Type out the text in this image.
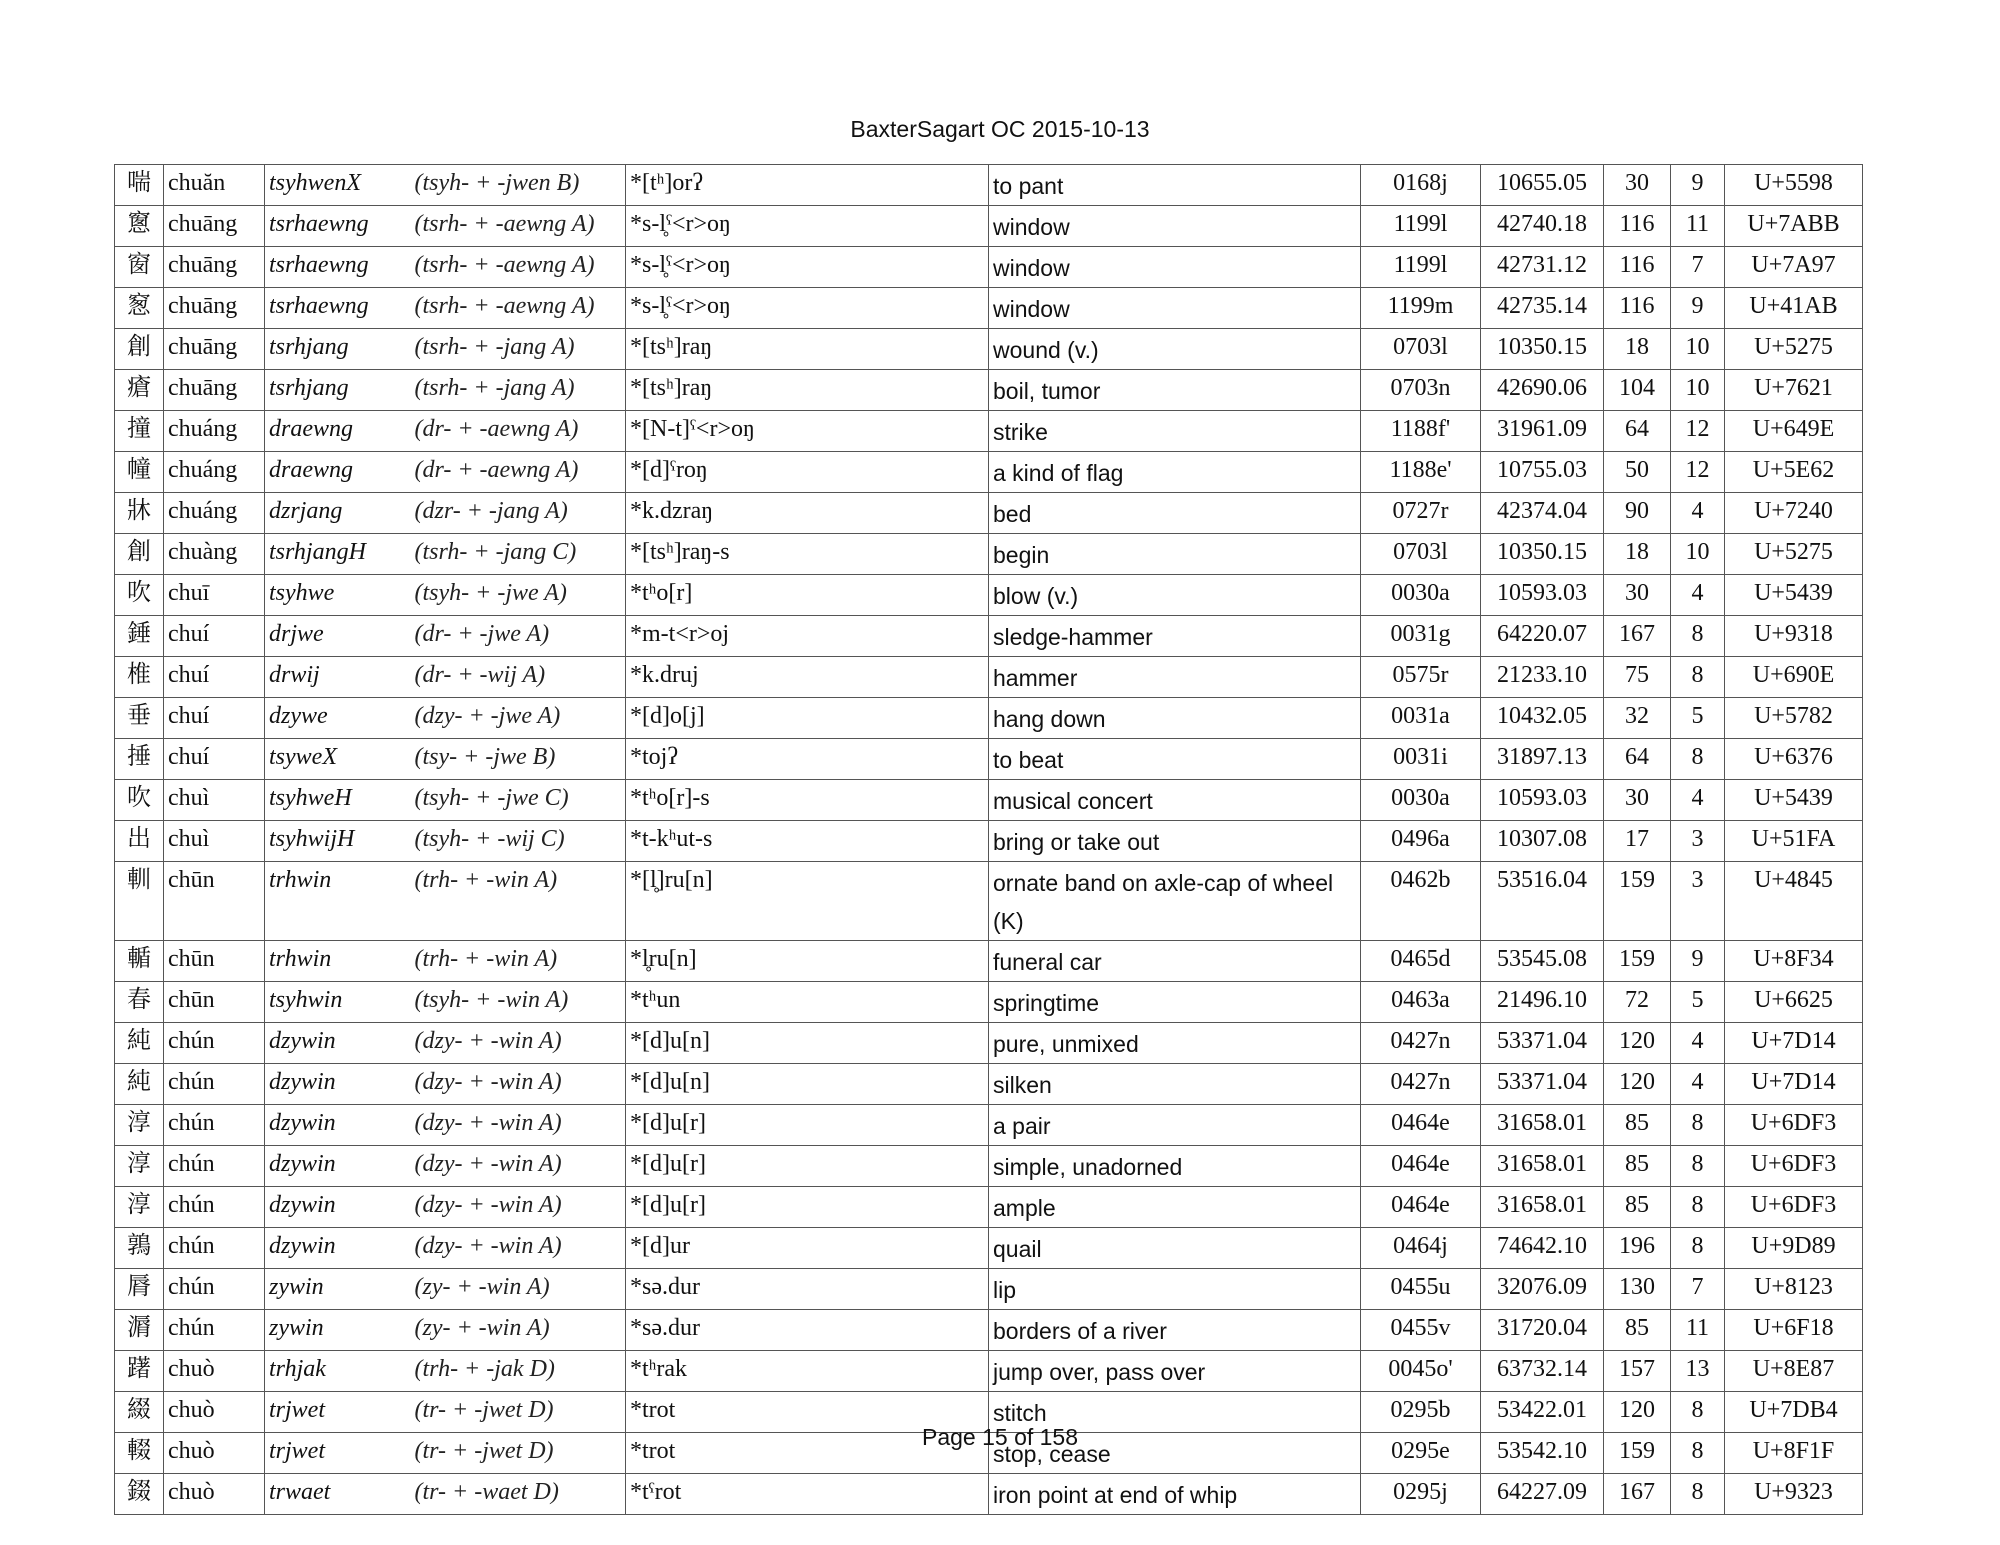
BaxterSagart OC 2015-10-13
喘	chuăn	tsyhwenX	(tsyh- + -jwen B)	*[tʰ]orʔ	to pant	0168j	10655.05	30	9	U+5598
窻	chuāng	tsrhaewng	(tsrh- + -aewng A)	*s-l̥ˤ<r>oŋ	window	1199l	42740.18	116	11	U+7ABB
窗	chuāng	tsrhaewng	(tsrh- + -aewng A)	*s-l̥ˤ<r>oŋ	window	1199l	42731.12	116	7	U+7A97
䆫	chuāng	tsrhaewng	(tsrh- + -aewng A)	*s-l̥ˤ<r>oŋ	window	1199m	42735.14	116	9	U+41AB
創	chuāng	tsrhjang	(tsrh- + -jang A)	*[tsʰ]raŋ	wound (v.)	0703l	10350.15	18	10	U+5275
瘡	chuāng	tsrhjang	(tsrh- + -jang A)	*[tsʰ]raŋ	boil, tumor	0703n	42690.06	104	10	U+7621
撞	chuáng	draewng	(dr- + -aewng A)	*[N-t]ˤ<r>oŋ	strike	1188f'	31961.09	64	12	U+649E
幢	chuáng	draewng	(dr- + -aewng A)	*[d]ˤroŋ	a kind of flag	1188e'	10755.03	50	12	U+5E62
牀	chuáng	dzrjang	(dzr- + -jang A)	*k.dzraŋ	bed	0727r	42374.04	90	4	U+7240
創	chuàng	tsrhjangH	(tsrh- + -jang C)	*[tsʰ]raŋ-s	begin	0703l	10350.15	18	10	U+5275
吹	chuī	tsyhwe	(tsyh- + -jwe A)	*tʰo[r]	blow (v.)	0030a	10593.03	30	4	U+5439
錘	chuí	drjwe	(dr- + -jwe A)	*m-t<r>oj	sledge-hammer	0031g	64220.07	167	8	U+9318
椎	chuí	drwij	(dr- + -wij A)	*k.druj	hammer	0575r	21233.10	75	8	U+690E
垂	chuí	dzywe	(dzy- + -jwe A)	*[d]o[j]	hang down	0031a	10432.05	32	5	U+5782
捶	chuí	tsyweX	(tsy- + -jwe B)	*tojʔ	to beat	0031i	31897.13	64	8	U+6376
吹	chuì	tsyhweH	(tsyh- + -jwe C)	*tʰo[r]-s	musical concert	0030a	10593.03	30	4	U+5439
出	chuì	tsyhwijH	(tsyh- + -wij C)	*t-kʰut-s	bring or take out	0496a	10307.08	17	3	U+51FA
䡅	chūn	trhwin	(trh- + -win A)	*[l̥]ru[n]	ornate band on axle-cap of wheel (K)	0462b	53516.04	159	3	U+4845
輴	chūn	trhwin	(trh- + -win A)	*l̥ru[n]	funeral car	0465d	53545.08	159	9	U+8F34
春	chūn	tsyhwin	(tsyh- + -win A)	*tʰun	springtime	0463a	21496.10	72	5	U+6625
純	chún	dzywin	(dzy- + -win A)	*[d]u[n]	pure, unmixed	0427n	53371.04	120	4	U+7D14
純	chún	dzywin	(dzy- + -win A)	*[d]u[n]	silken	0427n	53371.04	120	4	U+7D14
淳	chún	dzywin	(dzy- + -win A)	*[d]u[r]	a pair	0464e	31658.01	85	8	U+6DF3
淳	chún	dzywin	(dzy- + -win A)	*[d]u[r]	simple, unadorned	0464e	31658.01	85	8	U+6DF3
淳	chún	dzywin	(dzy- + -win A)	*[d]u[r]	ample	0464e	31658.01	85	8	U+6DF3
鶉	chún	dzywin	(dzy- + -win A)	*[d]ur	quail	0464j	74642.10	196	8	U+9D89
脣	chún	zywin	(zy- + -win A)	*sə.dur	lip	0455u	32076.09	130	7	U+8123
漘	chún	zywin	(zy- + -win A)	*sə.dur	borders of a river	0455v	31720.04	85	11	U+6F18
躇	chuò	trhjak	(trh- + -jak D)	*tʰrak	jump over, pass over	0045o'	63732.14	157	13	U+8E87
綴	chuò	trjwet	(tr- + -jwet D)	*trot	stitch	0295b	53422.01	120	8	U+7DB4
輟	chuò	trjwet	(tr- + -jwet D)	*trot	stop, cease	0295e	53542.10	159	8	U+8F1F
錣	chuò	trwaet	(tr- + -waet D)	*tˤrot	iron point at end of whip	0295j	64227.09	167	8	U+9323
Page 15 of 158
